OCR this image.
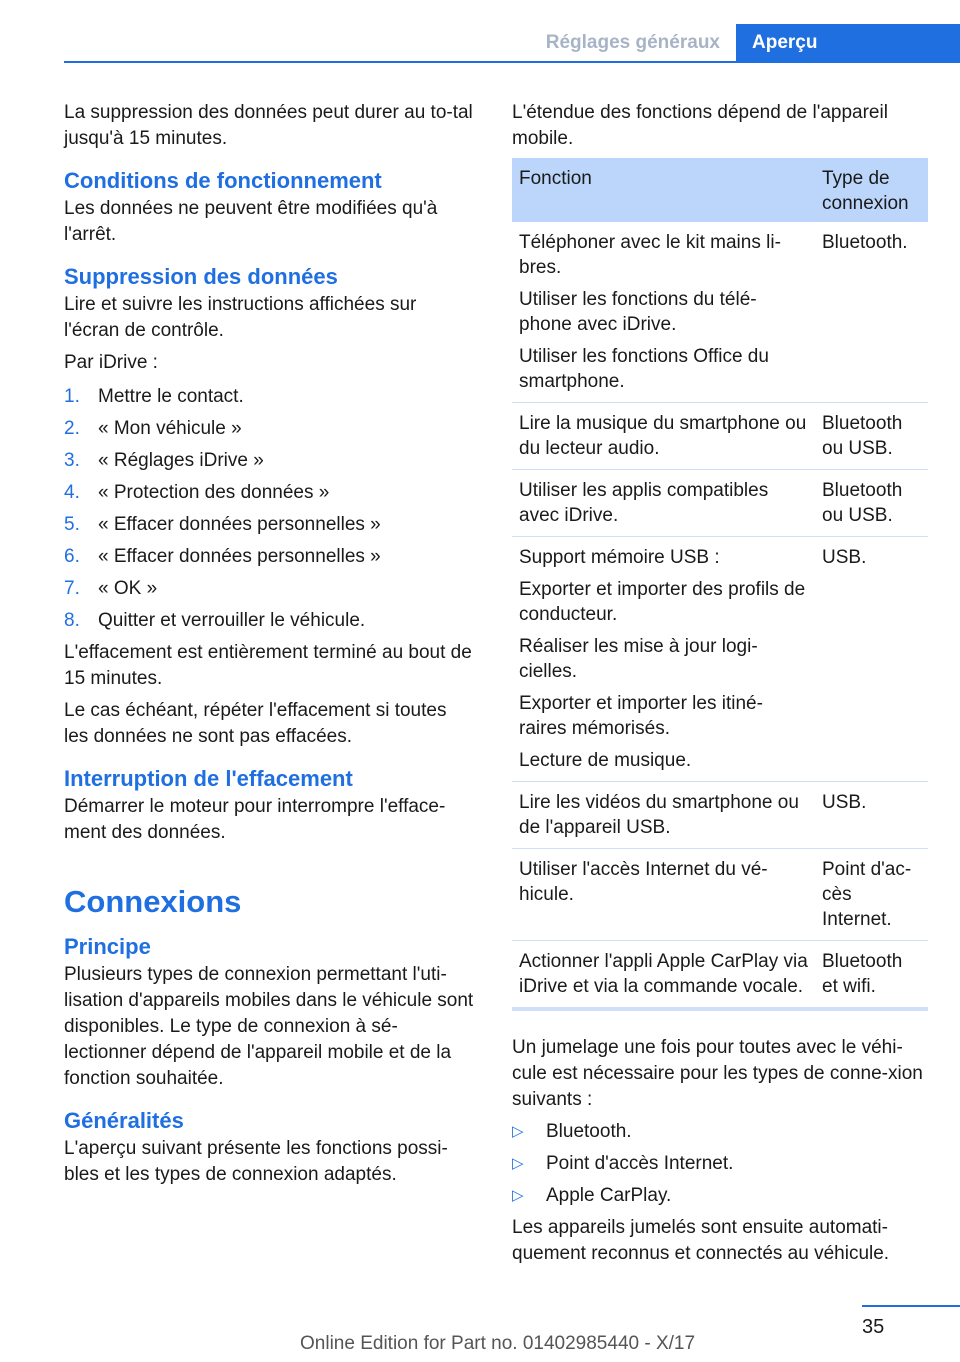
Réglages généraux	Aperçu

La suppression des données peut durer au to-tal jusqu'à 15 minutes.

Conditions de fonctionnement

Les données ne peuvent être modifiées qu'à l'arrêt.

Suppression des données

Lire et suivre les instructions affichées sur l'écran de contrôle.

Par iDrive :

1. Mettre le contact.
2. « Mon véhicule »
3. « Réglages iDrive »
4. « Protection des données »
5. « Effacer données personnelles »
6. « Effacer données personnelles »
7. « OK »
8. Quitter et verrouiller le véhicule.

L'effacement est entièrement terminé au bout de 15 minutes.

Le cas échéant, répéter l'effacement si toutes les données ne sont pas effacées.

Interruption de l'effacement

Démarrer le moteur pour interrompre l'efface-ment des données.

Connexions
Principe

Plusieurs types de connexion permettant l'uti-lisation d'appareils mobiles dans le véhicule sont disponibles. Le type de connexion à sé-lectionner dépend de l'appareil mobile et de la fonction souhaitée.

Généralités

L'aperçu suivant présente les fonctions possi-bles et les types de connexion adaptés.

L'étendue des fonctions dépend de l'appareil mobile.

Fonction	Type de connexion

Téléphoner avec le kit mains li-bres.
Utiliser les fonctions du télé-phone avec iDrive.
Utiliser les fonctions Office du smartphone.	Bluetooth.

Lire la musique du smartphone ou du lecteur audio.	Bluetooth ou USB.

Utiliser les applis compatibles avec iDrive.	Bluetooth ou USB.

Support mémoire USB :
Exporter et importer des profils de conducteur.
Réaliser les mise à jour logi-cielles.
Exporter et importer les itiné-raires mémorisés.
Lecture de musique.	USB.

Lire les vidéos du smartphone ou de l'appareil USB.	USB.

Utiliser l'accès Internet du vé-hicule.	Point d'ac-cès Internet.

Actionner l'appli Apple CarPlay via iDrive et via la commande vocale.	Bluetooth et wifi.

Un jumelage une fois pour toutes avec le véhi-cule est nécessaire pour les types de conne-xion suivants :

▷ Bluetooth.
▷ Point d'accès Internet.
▷ Apple CarPlay.

Les appareils jumelés sont ensuite automati-quement reconnus et connectés au véhicule.

35
Online Edition for Part no. 01402985440 - X/17
